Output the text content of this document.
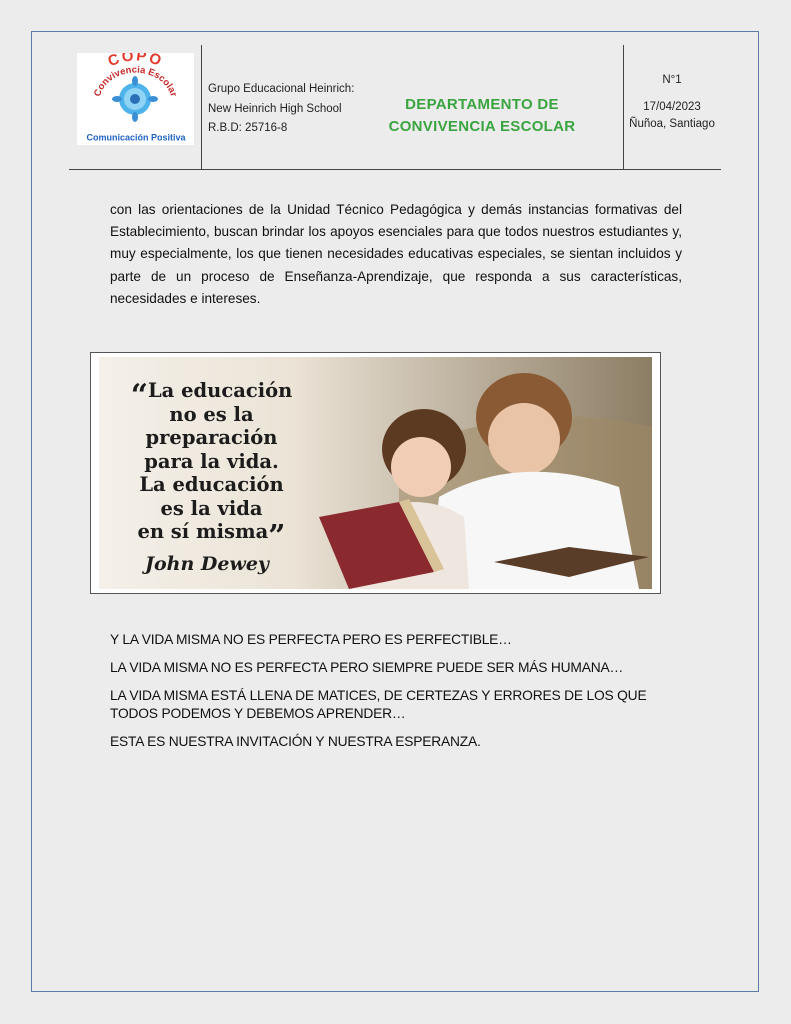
COPO
Convivencia Escolar
Comunicación Positiva
Grupo Educacional Heinrich:
New Heinrich High School
R.B.D: 25716-8
DEPARTAMENTO DE
CONVIVENCIA ESCOLAR
N°1
17/04/2023
Ñuñoa, Santiago

con las orientaciones de la Unidad Técnico Pedagógica y demás instancias formativas del Establecimiento, buscan brindar los apoyos esenciales para que todos nuestros estudiantes y, muy especialmente, los que tienen necesidades educativas especiales, se sientan incluidos y parte de un proceso de Enseñanza-Aprendizaje, que responda a sus características, necesidades e intereses.

“La educación
no es la
preparación
para la vida.
La educación
es la vida
en sí misma”
John Dewey

Y LA VIDA MISMA NO ES PERFECTA PERO ES PERFECTIBLE…

LA VIDA MISMA NO ES PERFECTA PERO SIEMPRE PUEDE SER MÁS HUMANA…

LA VIDA MISMA ESTÁ LLENA DE MATICES, DE CERTEZAS Y ERRORES DE LOS QUE TODOS PODEMOS Y DEBEMOS APRENDER…

ESTA ES NUESTRA INVITACIÓN Y NUESTRA ESPERANZA.
